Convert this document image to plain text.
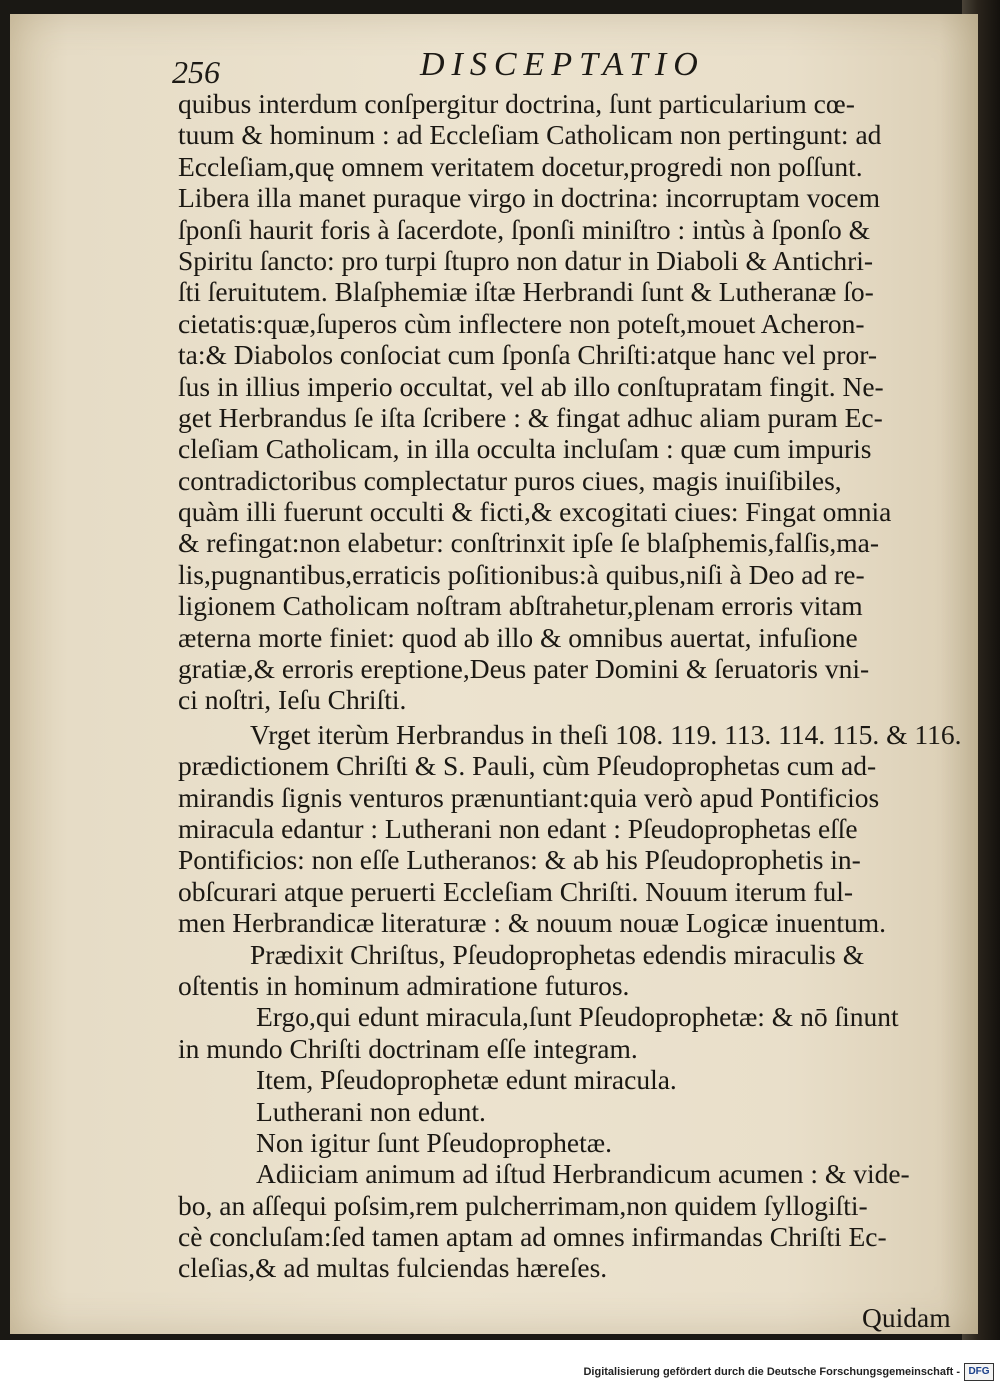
256	DISCEPTATIO
quibus interdum conſpergitur doctrina, ſunt particularium cœ-
tuum & hominum : ad Eccleſiam Catholicam non pertingunt: ad
Eccleſiam,quę omnem veritatem docetur,progredi non poſſunt.
Libera illa manet puraque virgo in doctrina: incorruptam vocem
ſponſi haurit foris à ſacerdote, ſponſi miniſtro : intùs à ſponſo &
Spiritu ſancto: pro turpi ſtupro non datur in Diaboli & Antichri-
ſti ſeruitutem. Blaſphemiæ iſtæ Herbrandi ſunt & Lutheranæ ſo-
cietatis:quæ,ſuperos cùm inflectere non poteſt,mouet Acheron-
ta:& Diabolos conſociat cum ſponſa Chriſti:atque hanc vel pror-
ſus in illius imperio occultat, vel ab illo conſtupratam fingit. Ne-
get Herbrandus ſe iſta ſcribere : & fingat adhuc aliam puram Ec-
cleſiam Catholicam, in illa occulta incluſam : quæ cum impuris
contradictoribus complectatur puros ciues, magis inuiſibiles,
quàm illi fuerunt occulti & ficti,& excogitati ciues: Fingat omnia
& refingat:non elabetur: conſtrinxit ipſe ſe blaſphemis,falſis,ma-
lis,pugnantibus,erraticis poſitionibus:à quibus,niſi à Deo ad re-
ligionem Catholicam noſtram abſtrahetur,plenam erroris vitam
æterna morte finiet: quod ab illo & omnibus auertat, infuſione
gratiæ,& erroris ereptione,Deus pater Domini & ſeruatoris vni-
ci noſtri, Ieſu Chriſti.
Vrget iterùm Herbrandus in theſi 108. 119. 113. 114. 115. & 116.
prædictionem Chriſti & S. Pauli, cùm Pſeudoprophetas cum ad-
mirandis ſignis venturos prænuntiant:quia verò apud Pontificios
miracula edantur : Lutherani non edant : Pſeudoprophetas eſſe
Pontificios: non eſſe Lutheranos: & ab his Pſeudoprophetis in-
obſcurari atque peruerti Eccleſiam Chriſti. Nouum iterum ful-
men Herbrandicæ literaturæ : & nouum nouæ Logicæ inuentum.
Prædixit Chriſtus, Pſeudoprophetas edendis miraculis &
oſtentis in hominum admiratione futuros.
Ergo,qui edunt miracula,ſunt Pſeudoprophetæ: & nō ſinunt
in mundo Chriſti doctrinam eſſe integram.
Item, Pſeudoprophetæ edunt miracula.
Lutherani non edunt.
Non igitur ſunt Pſeudoprophetæ.
Adiiciam animum ad iſtud Herbrandicum acumen : & vide-
bo, an aſſequi poſsim,rem pulcherrimam,non quidem ſyllogiſti-
cè concluſam:ſed tamen aptam ad omnes infirmandas Chriſti Ec-
cleſias,& ad multas fulciendas hæreſes.
Quidam
Digitalisierung gefördert durch die Deutsche Forschungsgemeinschaft - DFG
